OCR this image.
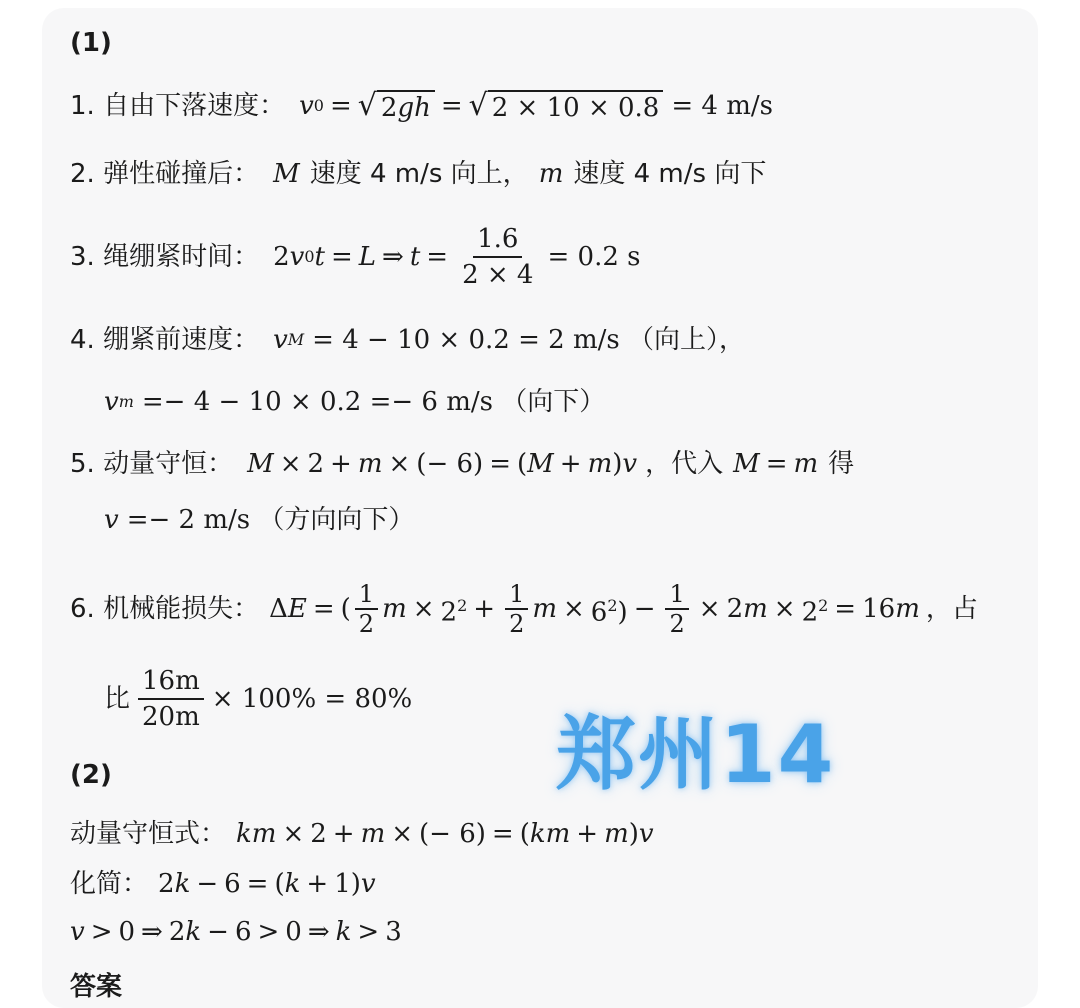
(1)
1. 自由下落速度： v 0 = √ 2gh = √ 2 × 10 × 0.8 = 4 m/s
2. 弹性碰撞后： M 速度 4 m/s 向上， m 速度 4 m/s 向下
3. 绳绷紧时间： 2 v 0 t = L ⇒ $t = \frac{1.6}{2 \times 4} = 0.2$ s
4. 绷紧前速度： v M = 4 − 10 × 0.2 = 2 m/s （向上），
v m =− 4 − 10 × 0.2 =− 6 m/s （向下）
5. 动量守恒： M × 2 + m × (− 6) = ( M + m ) v ，代入 M = m 得
v =− 2 m/s （方向向下）
6. 机械能损失： Δ E = ( $\frac{1}{2}$ $m \times 2^2 + \frac{1}{2}$ $m \times 6^2) - \frac{1}{2} \times 2$ $m \times 2^2 = 16$ m ，占
比 $\frac{16m}{20m} \times 100\% = 80\%$
郑州14
(2)
动量守恒式： km × 2 + m × (− 6) = ( km + m ) v
化简： 2 k − 6 = ( k + 1) v
v > 0 ⇒ 2 k − 6 > 0 ⇒ k > 3
答案
